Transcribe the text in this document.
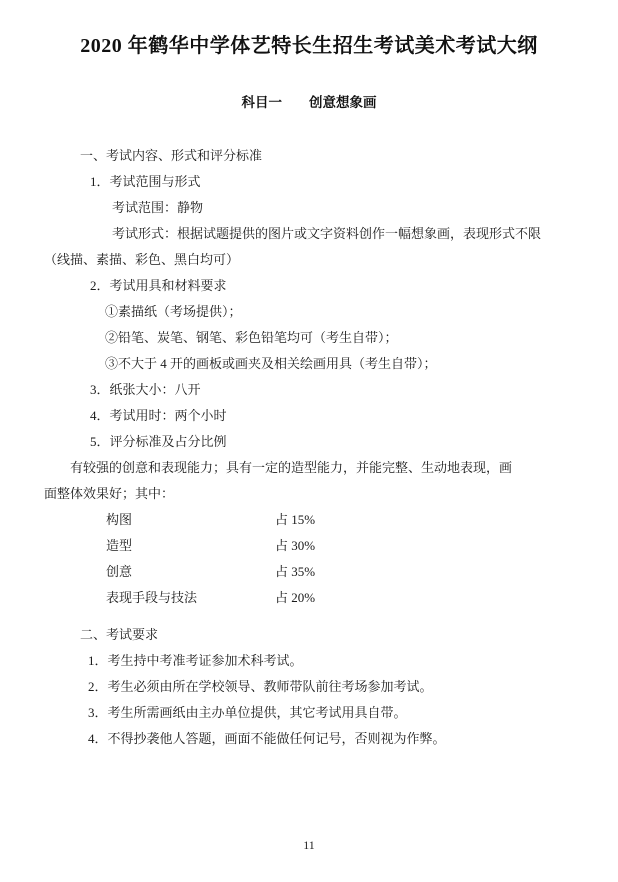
2020 年鹤华中学体艺特长生招生考试美术考试大纲
科目一 创意想象画
一、考试内容、形式和评分标准
1．考试范围与形式
考试范围：静物
考试形式：根据试题提供的图片或文字资料创作一幅想象画，表现形式不限
（线描、素描、彩色、黑白均可）
2．考试用具和材料要求
①素描纸（考场提供）；
②铅笔、炭笔、钢笔、彩色铅笔均可（考生自带）；
③不大于 4 开的画板或画夹及相关绘画用具（考生自带）；
3．纸张大小：八开
4．考试用时：两个小时
5．评分标准及占分比例
有较强的创意和表现能力；具有一定的造型能力，并能完整、生动地表现，画
面整体效果好；其中：
构图	占 15%
造型	占 30%
创意	占 35%
表现手段与技法	占 20%
二、考试要求
1．考生持中考准考证参加术科考试。
2．考生必须由所在学校领导、教师带队前往考场参加考试。
3．考生所需画纸由主办单位提供，其它考试用具自带。
4．不得抄袭他人答题，画面不能做任何记号，否则视为作弊。
11
